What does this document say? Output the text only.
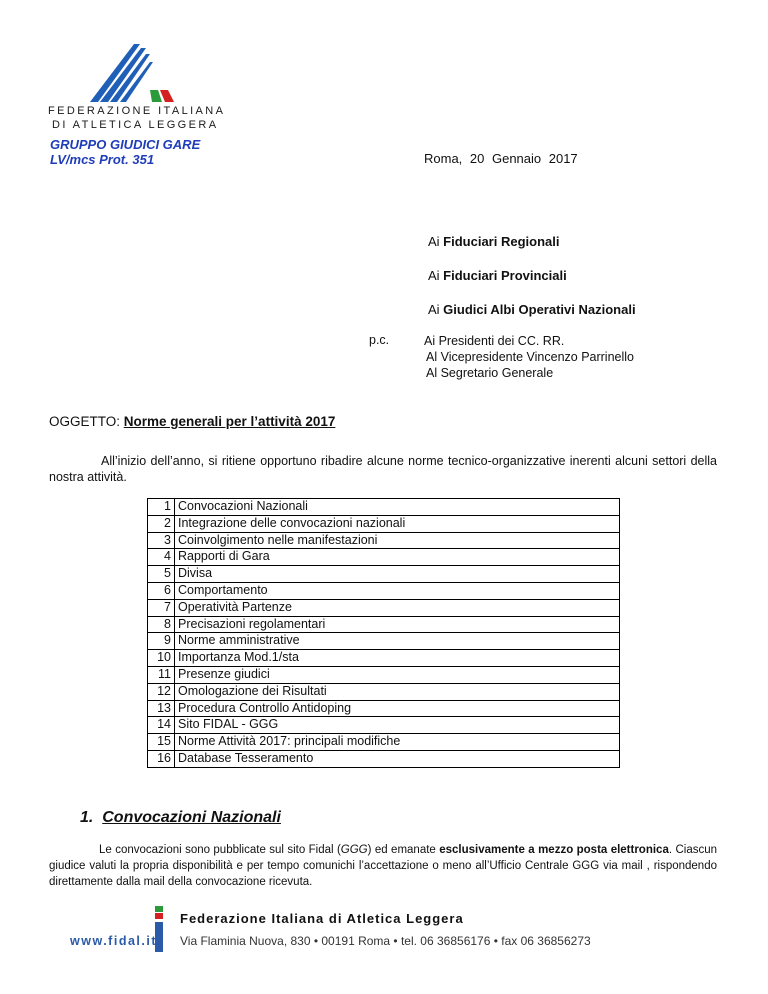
FEDERAZIONE ITALIANA
DI ATLETICA LEGGERA
GRUPPO GIUDICI GARE
LV/mcs Prot. 351	Roma, 20 Gennaio 2017
Ai Fiduciari Regionali
Ai Fiduciari Provinciali
Ai Giudici Albi Operativi Nazionali
p.c.	Ai Presidenti dei CC. RR.
Al Vicepresidente Vincenzo Parrinello
Al Segretario Generale
OGGETTO: Norme generali per l’attività 2017
All’inizio dell’anno, si ritiene opportuno ribadire alcune norme tecnico-organizzative inerenti alcuni settori della nostra attività.
1	Convocazioni Nazionali
2	Integrazione delle convocazioni nazionali
3	Coinvolgimento nelle manifestazioni
4	Rapporti di Gara
5	Divisa
6	Comportamento
7	Operatività Partenze
8	Precisazioni regolamentari
9	Norme amministrative
10	Importanza Mod.1/sta
11	Presenze giudici
12	Omologazione dei Risultati
13	Procedura Controllo Antidoping
14	Sito FIDAL - GGG
15	Norme Attività 2017: principali modifiche
16	Database Tesseramento
1. Convocazioni Nazionali
Le convocazioni sono pubblicate sul sito Fidal (GGG) ed emanate esclusivamente a mezzo posta elettronica. Ciascun giudice valuti la propria disponibilità e per tempo comunichi l’accettazione o meno all’Ufficio Centrale GGG via mail , rispondendo direttamente dalla mail della convocazione ricevuta.
Federazione Italiana di Atletica Leggera
www.fidal.it Via Flaminia Nuova, 830 • 00191 Roma • tel. 06 36856176 • fax 06 36856273
